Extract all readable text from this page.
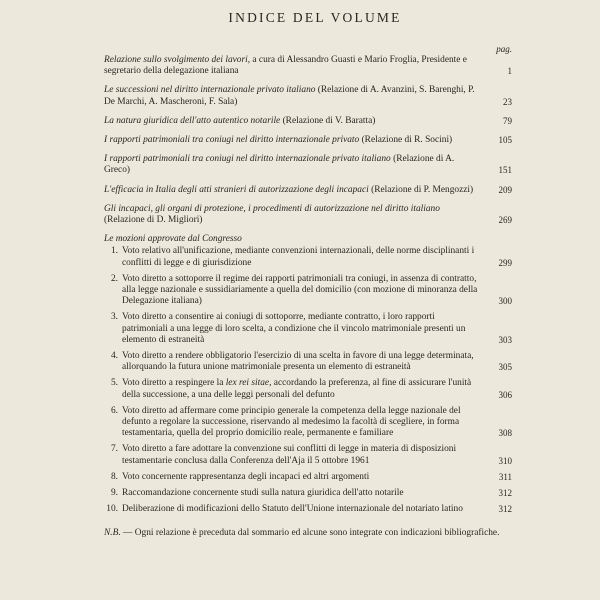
INDICE DEL VOLUME
pag.
Relazione sullo svolgimento dei lavori, a cura di Alessandro Guasti e Mario Froglia, Presidente e segretario della delegazione italiana	1
Le successioni nel diritto internazionale privato italiano (Relazione di A. Avanzini, S. Barenghi, P. De Marchi, A. Mascheroni, F. Sala)	23
La natura giuridica dell'atto autentico notarile (Relazione di V. Baratta)	79
I rapporti patrimoniali tra coniugi nel diritto internazionale privato (Relazione di R. Socini)	105
I rapporti patrimoniali tra coniugi nel diritto internazionale privato italiano (Relazione di A. Greco)	151
L'efficacia in Italia degli atti stranieri di autorizzazione degli incapaci (Relazione di P. Mengozzi)	209
Gli incapaci, gli organi di protezione, i procedimenti di autorizzazione nel diritto italiano (Relazione di D. Migliori)	269
Le mozioni approvate dal Congresso
1. Voto relativo all'unificazione, mediante convenzioni internazionali, delle norme disciplinanti i conflitti di legge e di giurisdizione	299
2. Voto diretto a sottoporre il regime dei rapporti patrimoniali tra coniugi, in assenza di contratto, alla legge nazionale e sussidiariamente a quella del domicilio (con mozione di minoranza della Delegazione italiana)	300
3. Voto diretto a consentire ai coniugi di sottoporre, mediante contratto, i loro rapporti patrimoniali a una legge di loro scelta, a condizione che il vincolo matrimoniale presenti un elemento di estraneità	303
4. Voto diretto a rendere obbligatorio l'esercizio di una scelta in favore di una legge determinata, allorquando la futura unione matrimoniale presenta un elemento di estraneità	305
5. Voto diretto a respingere la lex rei sitae, accordando la preferenza, al fine di assicurare l'unità della successione, a una delle leggi personali del defunto	306
6. Voto diretto ad affermare come principio generale la competenza della legge nazionale del defunto a regolare la successione, riservando al medesimo la facoltà di scegliere, in forma testamentaria, quella del proprio domicilio reale, permanente e familiare	308
7. Voto diretto a fare adottare la convenzione sui conflitti di legge in materia di disposizioni testamentarie conclusa dalla Conferenza dell'Aja il 5 ottobre 1961	310
8. Voto concernente rappresentanza degli incapaci ed altri argomenti	311
9. Raccomandazione concernente studi sulla natura giuridica dell'atto notarile	312
10. Deliberazione di modificazioni dello Statuto dell'Unione internazionale del notariato latino	312
N.B. — Ogni relazione è preceduta dal sommario ed alcune sono integrate con indicazioni bibliografiche.
